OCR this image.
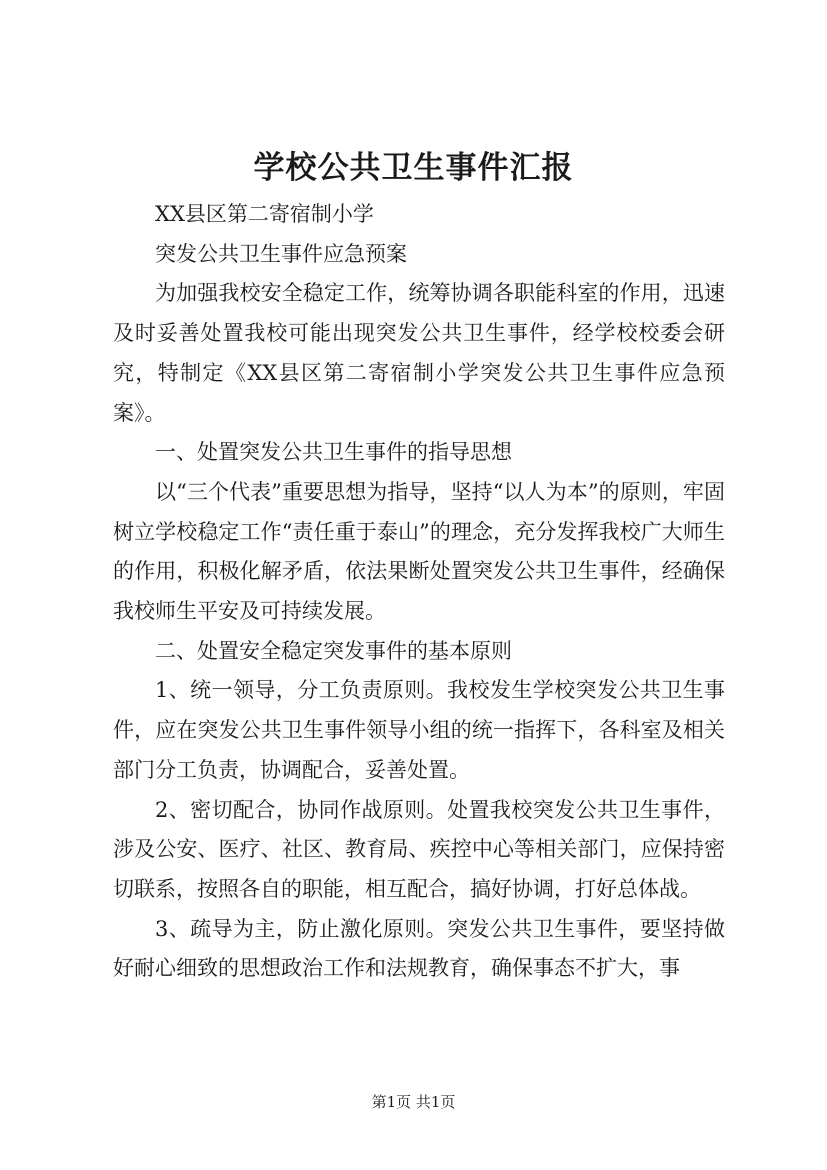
学校公共卫生事件汇报

XX县区第二寄宿制小学

突发公共卫生事件应急预案

为加强我校安全稳定工作，统筹协调各职能科室的作用，迅速及时妥善处置我校可能出现突发公共卫生事件，经学校校委会研究，特制定《XX县区第二寄宿制小学突发公共卫生事件应急预案》。

一、处置突发公共卫生事件的指导思想

以“三个代表”重要思想为指导，坚持“以人为本”的原则，牢固树立学校稳定工作“责任重于泰山”的理念，充分发挥我校广大师生的作用，积极化解矛盾，依法果断处置突发公共卫生事件，经确保我校师生平安及可持续发展。

二、处置安全稳定突发事件的基本原则

1、统一领导，分工负责原则。我校发生学校突发公共卫生事件，应在突发公共卫生事件领导小组的统一指挥下，各科室及相关部门分工负责，协调配合，妥善处置。

2、密切配合，协同作战原则。处置我校突发公共卫生事件，涉及公安、医疗、社区、教育局、疾控中心等相关部门，应保持密切联系，按照各自的职能，相互配合，搞好协调，打好总体战。

3、疏导为主，防止激化原则。突发公共卫生事件，要坚持做好耐心细致的思想政治工作和法规教育，确保事态不扩大，事

第1页 共1页
